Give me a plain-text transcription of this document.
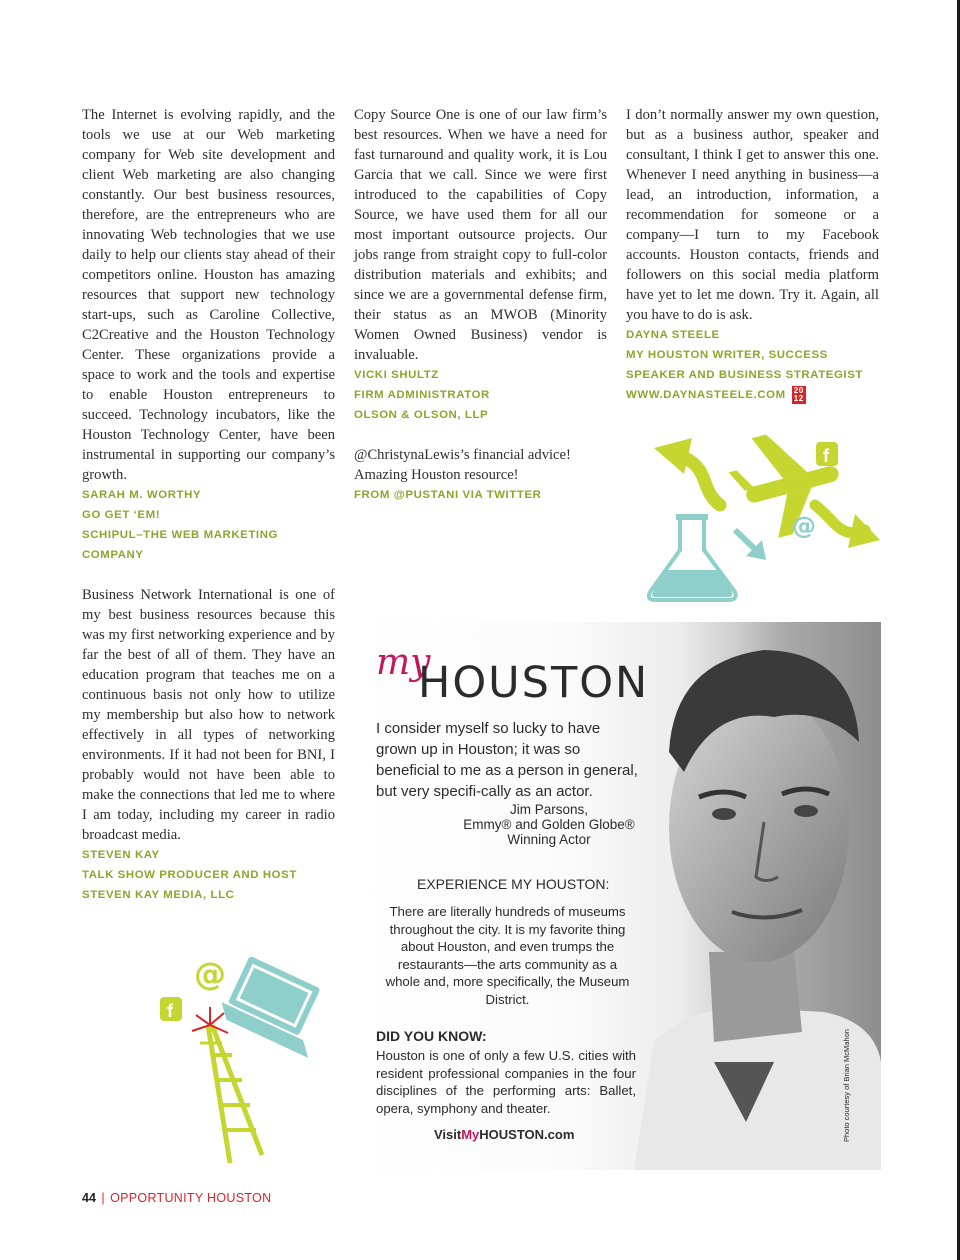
The Internet is evolving rapidly, and the tools we use at our Web marketing company for Web site development and client Web marketing are also changing constantly. Our best business resources, therefore, are the entrepreneurs who are innovating Web technologies that we use daily to help our clients stay ahead of their competitors online. Houston has amazing resources that support new technology start-ups, such as Caroline Collective, C2Creative and the Houston Technology Center. These organizations provide a space to work and the tools and expertise to enable Houston entrepreneurs to succeed. Technology incubators, like the Houston Technology Center, have been instrumental in supporting our company’s growth.

SARAH M. WORTHY
GO GET ‘EM!
SCHIPUL–THE WEB MARKETING COMPANY

Business Network International is one of my best business resources because this was my first networking experience and by far the best of all of them. They have an education program that teaches me on a continuous basis not only how to utilize my membership but also how to network effectively in all types of networking environments. If it had not been for BNI, I probably would not have been able to make the connections that led me to where I am today, including my career in radio broadcast media.

STEVEN KAY
TALK SHOW PRODUCER AND HOST
STEVEN KAY MEDIA, LLC

Copy Source One is one of our law firm’s best resources. When we have a need for fast turnaround and quality work, it is Lou Garcia that we call. Since we were first introduced to the capabilities of Copy Source, we have used them for all our most important outsource projects. Our jobs range from straight copy to full-color distribution materials and exhibits; and since we are a governmental defense firm, their status as an MWOB (Minority Women Owned Business) vendor is invaluable.

VICKI SHULTZ
FIRM ADMINISTRATOR
OLSON & OLSON, LLP

@ChristynaLewis’s financial advice! Amazing Houston resource!

FROM @PUSTANI VIA TWITTER

I don’t normally answer my own question, but as a business author, speaker and consultant, I think I get to answer this one. Whenever I need anything in business—a lead, an introduction, information, a recommendation for someone or a company—I turn to my Facebook accounts. Houston contacts, friends and followers on this social media platform have yet to let me down. Try it. Again, all you have to do is ask.

DAYNA STEELE
MY HOUSTON WRITER, SUCCESS SPEAKER AND BUSINESS STRATEGIST
WWW.DAYNASTEELE.COM 20
12
f
@
@
f
my
HOUSTON
I consider myself so lucky to have grown up in Houston; it was so beneficial to me as a person in general, but very specifi-cally as an actor.
Jim Parsons,
Emmy® and Golden Globe®
Winning Actor
EXPERIENCE MY HOUSTON:
There are literally hundreds of museums throughout the city. It is my favorite thing about Houston, and even trumps the restaurants—the arts community as a whole and, more specifically, the Museum District.
DID YOU KNOW:
Houston is one of only a few U.S. cities with resident professional companies in the four disciplines of the performing arts: Ballet, opera, symphony and theater.
VisitMyHOUSTON.com	Photo courtesy of Brian McMahon
44 | OPPORTUNITY HOUSTON
